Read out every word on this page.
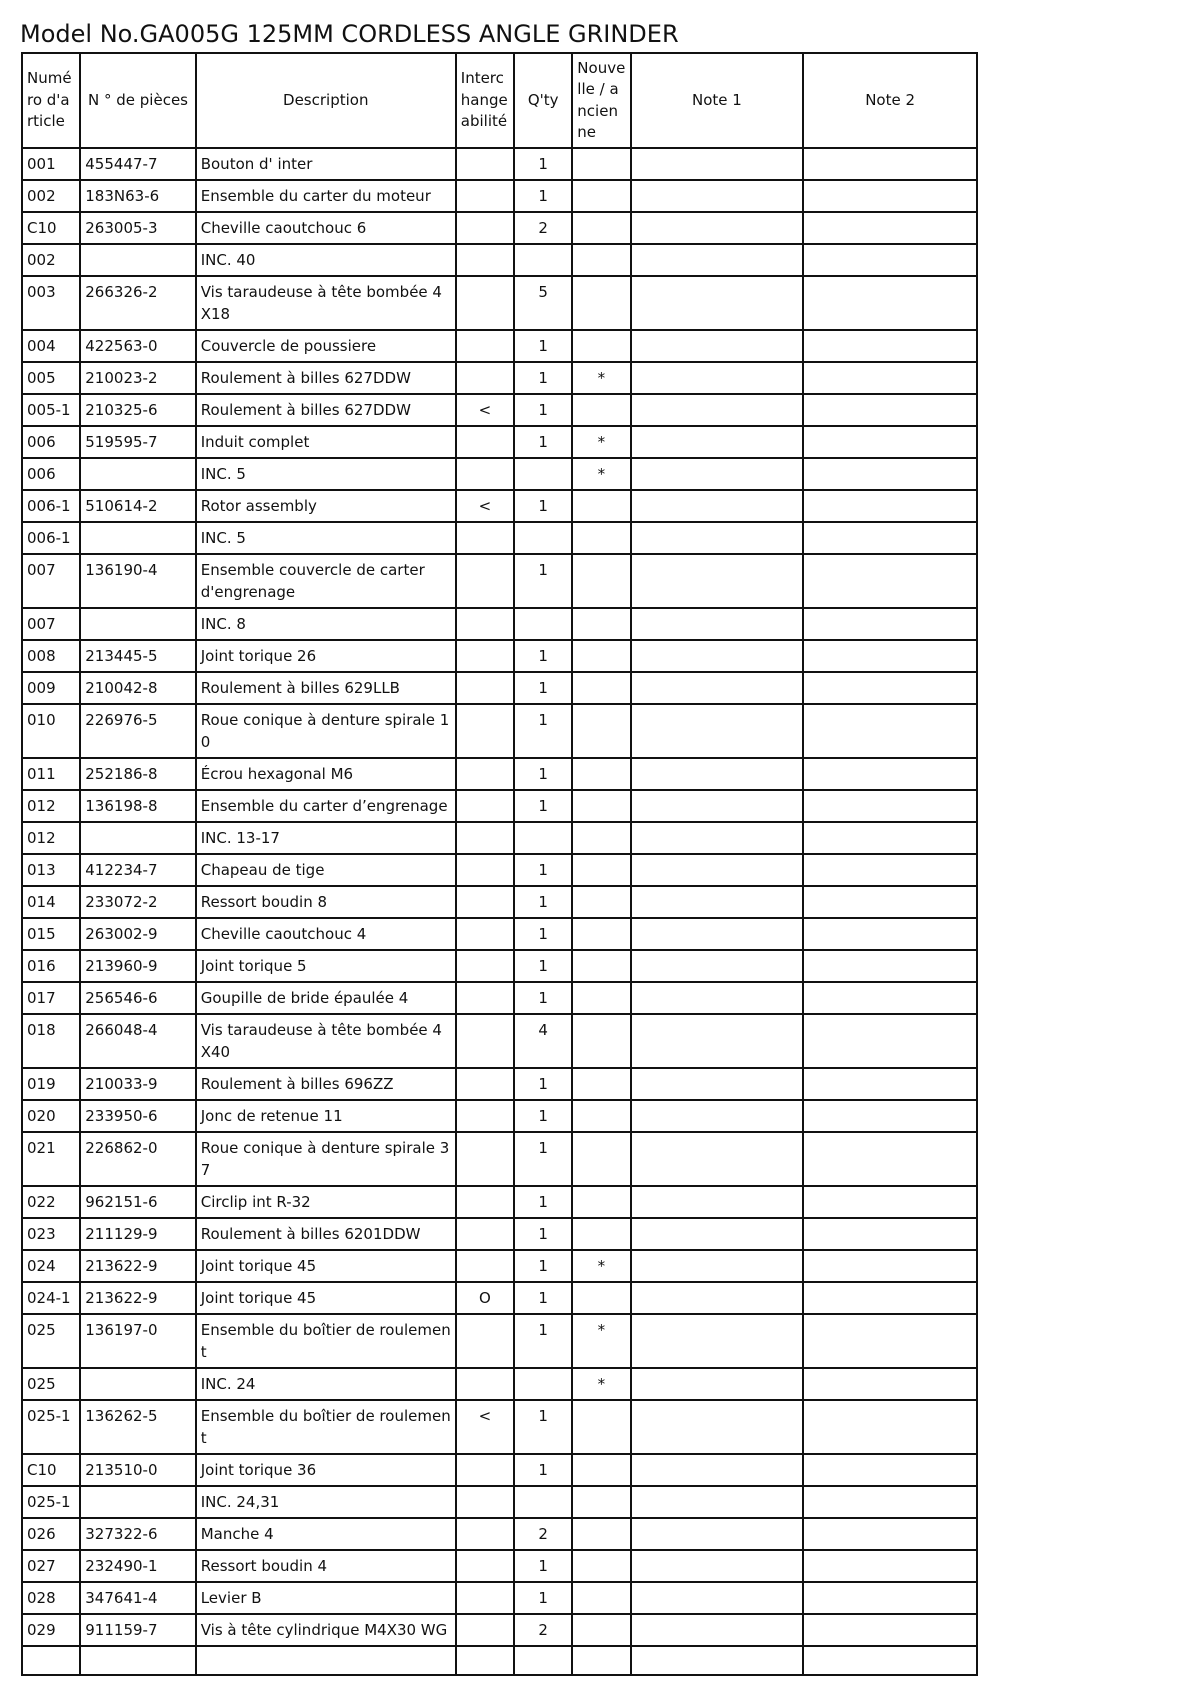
Model No.GA005G 125MM CORDLESS ANGLE GRINDER
Numéro d'article	N ° de pièces	Description	Interchangeabilité	Q'ty	Nouvelle / ancienne	Note 1	Note 2
001	455447-7	Bouton d' inter		1			
002	183N63-6	Ensemble du carter du moteur		1			
C10	263005-3	Cheville caoutchouc 6		2			
002		INC. 40					
003	266326-2	Vis taraudeuse à tête bombée 4X18		5			
004	422563-0	Couvercle de poussiere		1			
005	210023-2	Roulement à billes 627DDW		1	*		
005-1	210325-6	Roulement à billes 627DDW	<	1			
006	519595-7	Induit complet		1	*		
006		INC. 5			*		
006-1	510614-2	Rotor assembly	<	1			
006-1		INC. 5					
007	136190-4	Ensemble couvercle de carter d'engrenage		1			
007		INC. 8					
008	213445-5	Joint torique 26		1			
009	210042-8	Roulement à billes 629LLB		1			
010	226976-5	Roue conique à denture spirale 10		1			
011	252186-8	Écrou hexagonal M6		1			
012	136198-8	Ensemble du carter d’engrenage		1			
012		INC. 13-17					
013	412234-7	Chapeau de tige		1			
014	233072-2	Ressort boudin 8		1			
015	263002-9	Cheville caoutchouc 4		1			
016	213960-9	Joint torique 5		1			
017	256546-6	Goupille de bride épaulée 4		1			
018	266048-4	Vis taraudeuse à tête bombée 4X40		4			
019	210033-9	Roulement à billes 696ZZ		1			
020	233950-6	Jonc de retenue 11		1			
021	226862-0	Roue conique à denture spirale 37		1			
022	962151-6	Circlip int R-32		1			
023	211129-9	Roulement à billes 6201DDW		1			
024	213622-9	Joint torique 45		1	*		
024-1	213622-9	Joint torique 45	O	1			
025	136197-0	Ensemble du boîtier de roulement		1	*		
025		INC. 24			*		
025-1	136262-5	Ensemble du boîtier de roulement	<	1			
C10	213510-0	Joint torique 36		1			
025-1		INC. 24,31					
026	327322-6	Manche 4		2			
027	232490-1	Ressort boudin 4		1			
028	347641-4	Levier B		1			
029	911159-7	Vis à tête cylindrique M4X30 WG		2			
